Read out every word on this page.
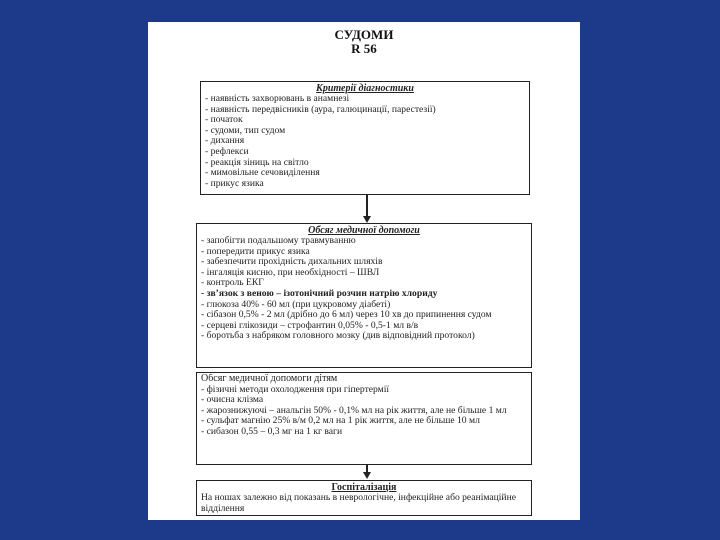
СУДОМИ
R 56
Критерії діагностики
- наявність захворювань в анамнезі
- наявність передвісників (аура, галюцинації, парестезії)
- початок
- судоми, тип судом
- дихання
- рефлекси
- реакція зіниць на світло
- мимовільне сечовиділення
- прикус язика
Обсяг медичної допомоги
- запобігти подальшому травмуванню
- попередити прикус язика
- забезпечити прохідність дихальних шляхів
- інгаляція кисню, при необхідності – ШВЛ
- контроль ЕКГ
- зв’язок з веною – ізотонічний розчин натрію хлориду
- глюкоза 40% - 60 мл (при цукровому діабеті)
- сібазон 0,5% - 2 мл (дрібно до 6 мл) через 10 хв до припинення судом
- серцеві глікозиди – строфантин 0,05% - 0,5-1 мл в/в
- боротьба з набряком головного мозку (див відповідний протокол)
Обсяг медичної допомоги дітям
- фізичні методи охолодження при гіпертермії
- очисна клізма
- жарознижуючі – анальгін 50% - 0,1% мл на рік життя, але не більше 1 мл
- сульфат магнію 25% в/м 0,2 мл на 1 рік життя, але не більше 10 мл
- сибазон 0,55 – 0,3 мг на 1 кг ваги
Госпіталізація
На ношах залежно від показань в неврологічне, інфекційне або реанімаційне відділення
